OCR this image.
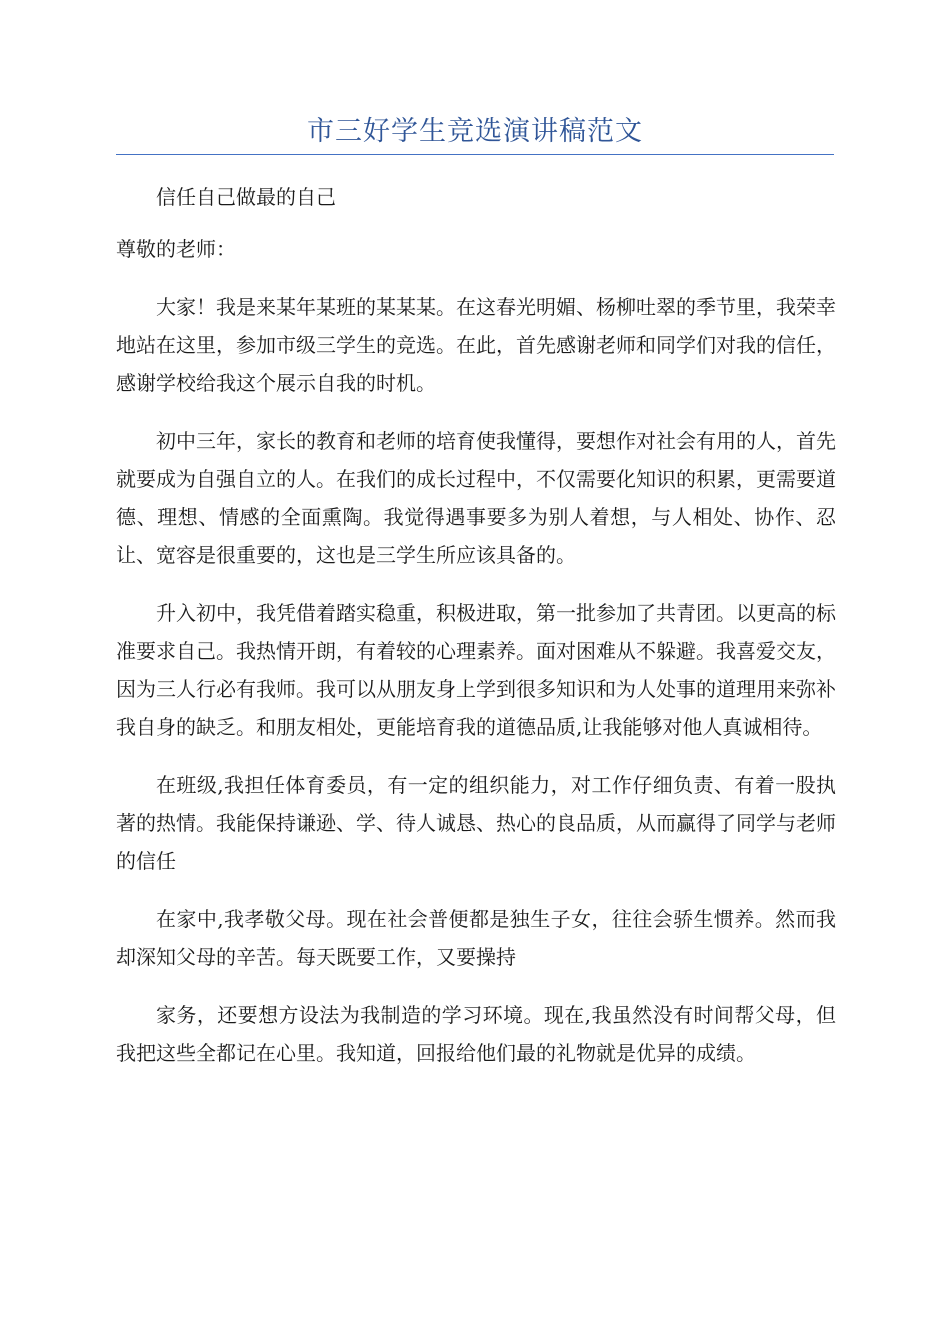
市三好学生竞选演讲稿范文

信任自己做最的自己

尊敬的老师：

大家！我是来某年某班的某某某。在这春光明媚、杨柳吐翠的季节里，我荣幸地站在这里，参加市级三学生的竞选。在此，首先感谢老师和同学们对我的信任，感谢学校给我这个展示自我的时机。

初中三年，家长的教育和老师的培育使我懂得，要想作对社会有用的人，首先就要成为自强自立的人。在我们的成长过程中，不仅需要化知识的积累，更需要道德、理想、情感的全面熏陶。我觉得遇事要多为别人着想，与人相处、协作、忍让、宽容是很重要的，这也是三学生所应该具备的。

升入初中，我凭借着踏实稳重，积极进取，第一批参加了共青团。以更高的标准要求自己。我热情开朗，有着较的心理素养。面对困难从不躲避。我喜爱交友，因为三人行必有我师。我可以从朋友身上学到很多知识和为人处事的道理用来弥补我自身的缺乏。和朋友相处，更能培育我的道德品质,让我能够对他人真诚相待。

在班级,我担任体育委员，有一定的组织能力，对工作仔细负责、有着一股执著的热情。我能保持谦逊、学、待人诚恳、热心的良品质，从而赢得了同学与老师的信任

在家中,我孝敬父母。现在社会普便都是独生子女，往往会骄生惯养。然而我却深知父母的辛苦。每天既要工作，又要操持

家务，还要想方设法为我制造的学习环境。现在,我虽然没有时间帮父母，但我把这些全都记在心里。我知道，回报给他们最的礼物就是优异的成绩。
